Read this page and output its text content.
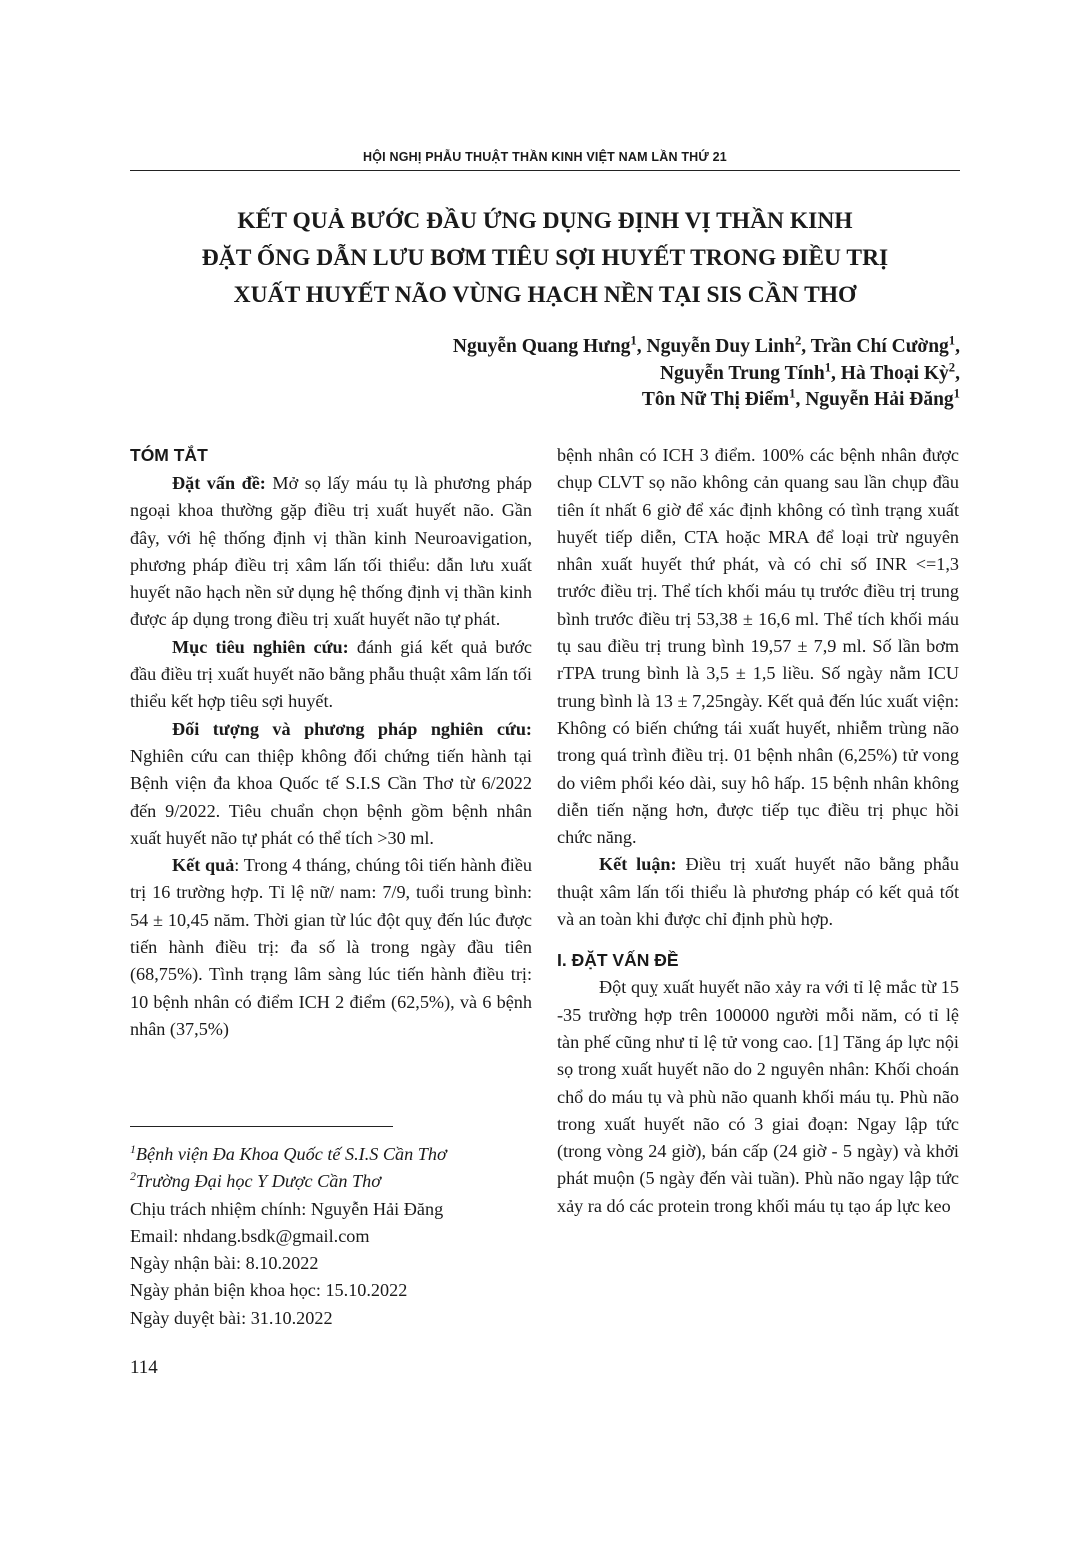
HỘI NGHỊ PHẪU THUẬT THẦN KINH VIỆT NAM LẦN THỨ 21
KẾT QUẢ BƯỚC ĐẦU ỨNG DỤNG ĐỊNH VỊ THẦN KINH
ĐẶT ỐNG DẪN LƯU BƠM TIÊU SỢI HUYẾT TRONG ĐIỀU TRỊ
XUẤT HUYẾT NÃO VÙNG HẠCH NỀN TẠI SIS CẦN THƠ
Nguyễn Quang Hưng$^1$, Nguyễn Duy Linh$^2$, Trần Chí Cường$^1$,
Nguyễn Trung Tính$^1$, Hà Thoại Kỳ$^2$,
Tôn Nữ Thị Điểm$^1$, Nguyễn Hải Đăng$^1$
TÓM TẮT

Đặt vấn đề: Mở sọ lấy máu tụ là phương pháp ngoại khoa thường gặp điều trị xuất huyết não. Gần đây, với hệ thống định vị thần kinh Neuroavigation, phương pháp điều trị xâm lấn tối thiểu: dẫn lưu xuất huyết não hạch nền sử dụng hệ thống định vị thần kinh được áp dụng trong điều trị xuất huyết não tự phát.

Mục tiêu nghiên cứu: đánh giá kết quả bước đầu điều trị xuất huyết não bằng phẫu thuật xâm lấn tối thiểu kết hợp tiêu sợi huyết.

Đối tượng và phương pháp nghiên cứu: Nghiên cứu can thiệp không đối chứng tiến hành tại Bệnh viện đa khoa Quốc tế S.I.S Cần Thơ từ 6/2022 đến 9/2022. Tiêu chuẩn chọn bệnh gồm bệnh nhân xuất huyết não tự phát có thể tích >30 ml.

Kết quả: Trong 4 tháng, chúng tôi tiến hành điều trị 16 trường hợp. Tỉ lệ nữ/ nam: 7/9, tuổi trung bình: 54 ± 10,45 năm. Thời gian từ lúc đột quỵ đến lúc được tiến hành điều trị: đa số là trong ngày đầu tiên (68,75%). Tình trạng lâm sàng lúc tiến hành điều trị: 10 bệnh nhân có điểm ICH 2 điểm (62,5%), và 6 bệnh nhân (37,5%)

bệnh nhân có ICH 3 điểm. 100% các bệnh nhân được chụp CLVT sọ não không cản quang sau lần chụp đầu tiên ít nhất 6 giờ để xác định không có tình trạng xuất huyết tiếp diễn, CTA hoặc MRA để loại trừ nguyên nhân xuất huyết thứ phát, và có chỉ số INR <=1,3 trước điều trị. Thể tích khối máu tụ trước điều trị trung bình trước điều trị 53,38 ± 16,6 ml. Thể tích khối máu tụ sau điều trị trung bình 19,57 ± 7,9 ml. Số lần bơm rTPA trung bình là 3,5 ± 1,5 liều. Số ngày nằm ICU trung bình là 13 ± 7,25ngày. Kết quả đến lúc xuất viện: Không có biến chứng tái xuất huyết, nhiễm trùng não trong quá trình điều trị. 01 bệnh nhân (6,25%) tử vong do viêm phổi kéo dài, suy hô hấp. 15 bệnh nhân không diễn tiến nặng hơn, được tiếp tục điều trị phục hồi chức năng.

Kết luận: Điều trị xuất huyết não bằng phẫu thuật xâm lấn tối thiểu là phương pháp có kết quả tốt và an toàn khi được chỉ định phù hợp.

I. ĐẶT VẤN ĐỀ

Đột quỵ xuất huyết não xảy ra với tỉ lệ mắc từ 15 -35 trường hợp trên 100000 người mỗi năm, có tỉ lệ tàn phế cũng như tỉ lệ tử vong cao. [1] Tăng áp lực nội sọ trong xuất huyết não do 2 nguyên nhân: Khối choán chổ do máu tụ và phù não quanh khối máu tụ. Phù não trong xuất huyết não có 3 giai đoạn: Ngay lập tức (trong vòng 24 giờ), bán cấp (24 giờ - 5 ngày) và khởi phát muộn (5 ngày đến vài tuần). Phù não ngay lập tức xảy ra dó các protein trong khối máu tụ tạo áp lực keo

$^1$Bệnh viện Đa Khoa Quốc tế S.I.S Cần Thơ
$^2$Trường Đại học Y Dược Cần Thơ
Chịu trách nhiệm chính: Nguyễn Hải Đăng
Email: nhdang.bsdk@gmail.com
Ngày nhận bài: 8.10.2022
Ngày phản biện khoa học: 15.10.2022
Ngày duyệt bài: 31.10.2022
114
